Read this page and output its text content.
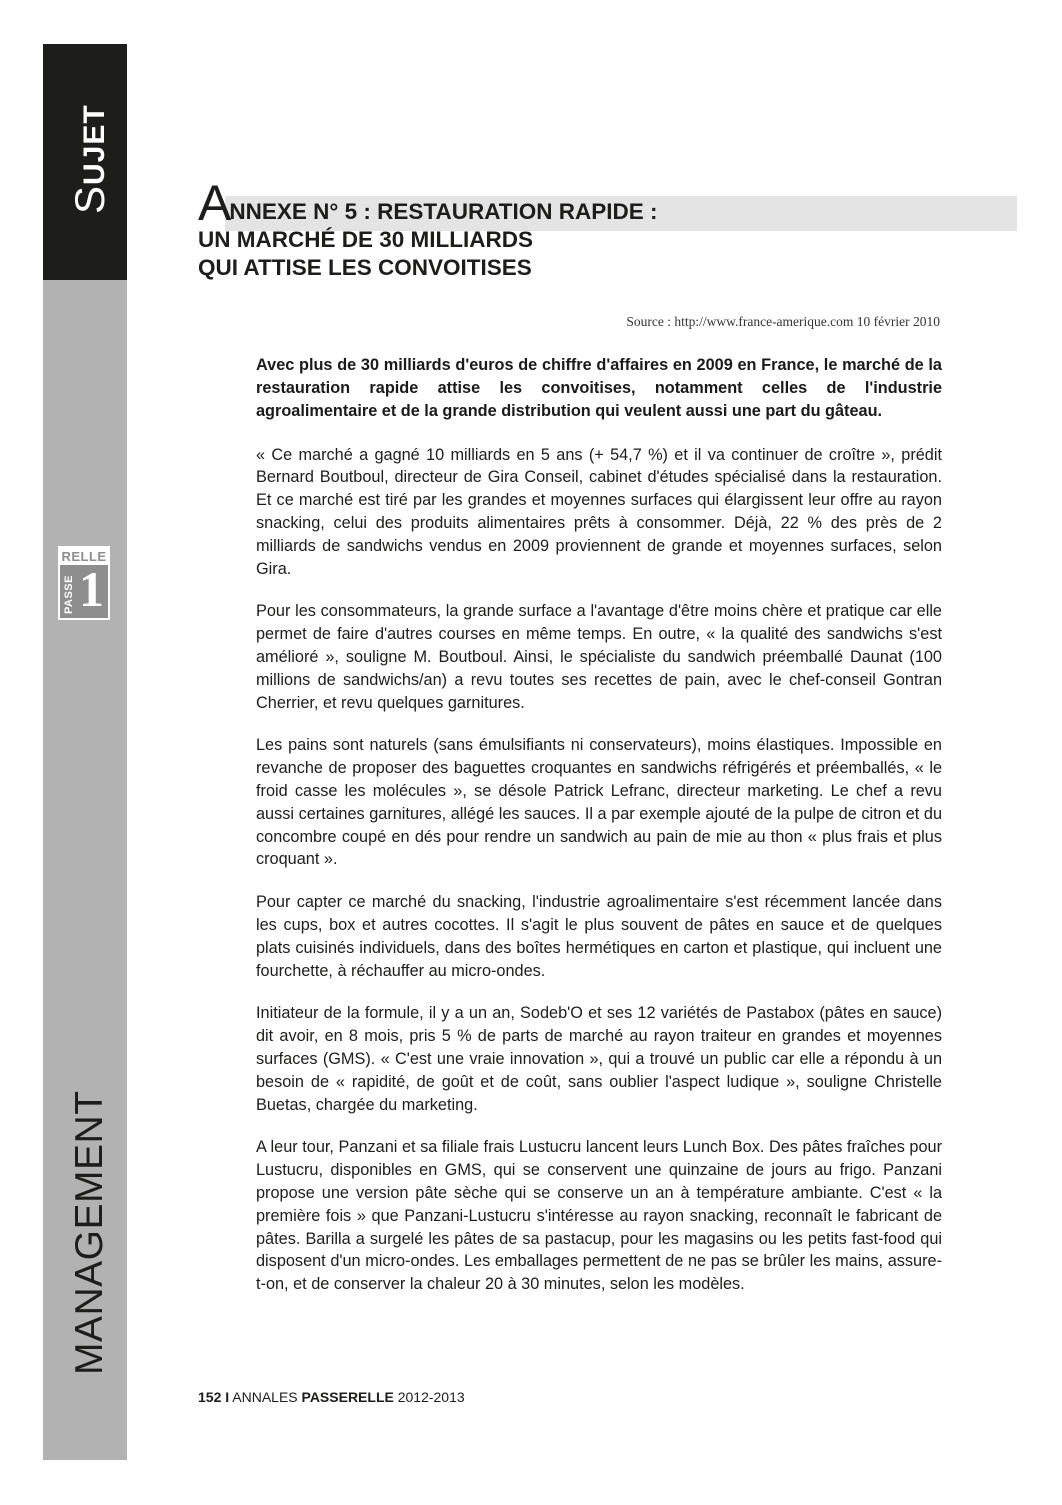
SUJET
RELLE
PASSE 1
MANAGEMENT
ANNEXE N° 5 : RESTAURATION RAPIDE :
UN MARCHÉ DE 30 MILLIARDS
QUI ATTISE LES CONVOITISES
Source : http://www.france-amerique.com 10 février 2010

Avec plus de 30 milliards d'euros de chiffre d'affaires en 2009 en France, le marché de la restauration rapide attise les convoitises, notamment celles de l'industrie agroalimentaire et de la grande distribution qui veulent aussi une part du gâteau.

« Ce marché a gagné 10 milliards en 5 ans (+ 54,7 %) et il va continuer de croître », prédit Bernard Boutboul, directeur de Gira Conseil, cabinet d'études spécialisé dans la restauration. Et ce marché est tiré par les grandes et moyennes surfaces qui élargissent leur offre au rayon snacking, celui des produits alimentaires prêts à consommer. Déjà, 22 % des près de 2 milliards de sandwichs vendus en 2009 proviennent de grande et moyennes surfaces, selon Gira.

Pour les consommateurs, la grande surface a l'avantage d'être moins chère et pratique car elle permet de faire d'autres courses en même temps. En outre, « la qualité des sandwichs s'est amélioré », souligne M. Boutboul. Ainsi, le spécialiste du sandwich préemballé Daunat (100 millions de sandwichs/an) a revu toutes ses recettes de pain, avec le chef-conseil Gontran Cherrier, et revu quelques garnitures.

Les pains sont naturels (sans émulsifiants ni conservateurs), moins élastiques. Impossible en revanche de proposer des baguettes croquantes en sandwichs réfrigérés et préemballés, « le froid casse les molécules », se désole Patrick Lefranc, directeur marketing. Le chef a revu aussi certaines garnitures, allégé les sauces. Il a par exemple ajouté de la pulpe de citron et du concombre coupé en dés pour rendre un sandwich au pain de mie au thon « plus frais et plus croquant ».

Pour capter ce marché du snacking, l'industrie agroalimentaire s'est récemment lancée dans les cups, box et autres cocottes. Il s'agit le plus souvent de pâtes en sauce et de quelques plats cuisinés individuels, dans des boîtes hermétiques en carton et plastique, qui incluent une fourchette, à réchauffer au micro-ondes.

Initiateur de la formule, il y a un an, Sodeb'O et ses 12 variétés de Pastabox (pâtes en sauce) dit avoir, en 8 mois, pris 5 % de parts de marché au rayon traiteur en grandes et moyennes surfaces (GMS). « C'est une vraie innovation », qui a trouvé un public car elle a répondu à un besoin de « rapidité, de goût et de coût, sans oublier l'aspect ludique », souligne Christelle Buetas, chargée du marketing.

A leur tour, Panzani et sa filiale frais Lustucru lancent leurs Lunch Box. Des pâtes fraîches pour Lustucru, disponibles en GMS, qui se conservent une quinzaine de jours au frigo. Panzani propose une version pâte sèche qui se conserve un an à température ambiante. C'est « la première fois » que Panzani-Lustucru s'intéresse au rayon snacking, reconnaît le fabricant de pâtes. Barilla a surgelé les pâtes de sa pastacup, pour les magasins ou les petits fast-food qui disposent d'un micro-ondes. Les emballages permettent de ne pas se brûler les mains, assure-t-on, et de conserver la chaleur 20 à 30 minutes, selon les modèles.

152 I ANNALES PASSERELLE 2012-2013
